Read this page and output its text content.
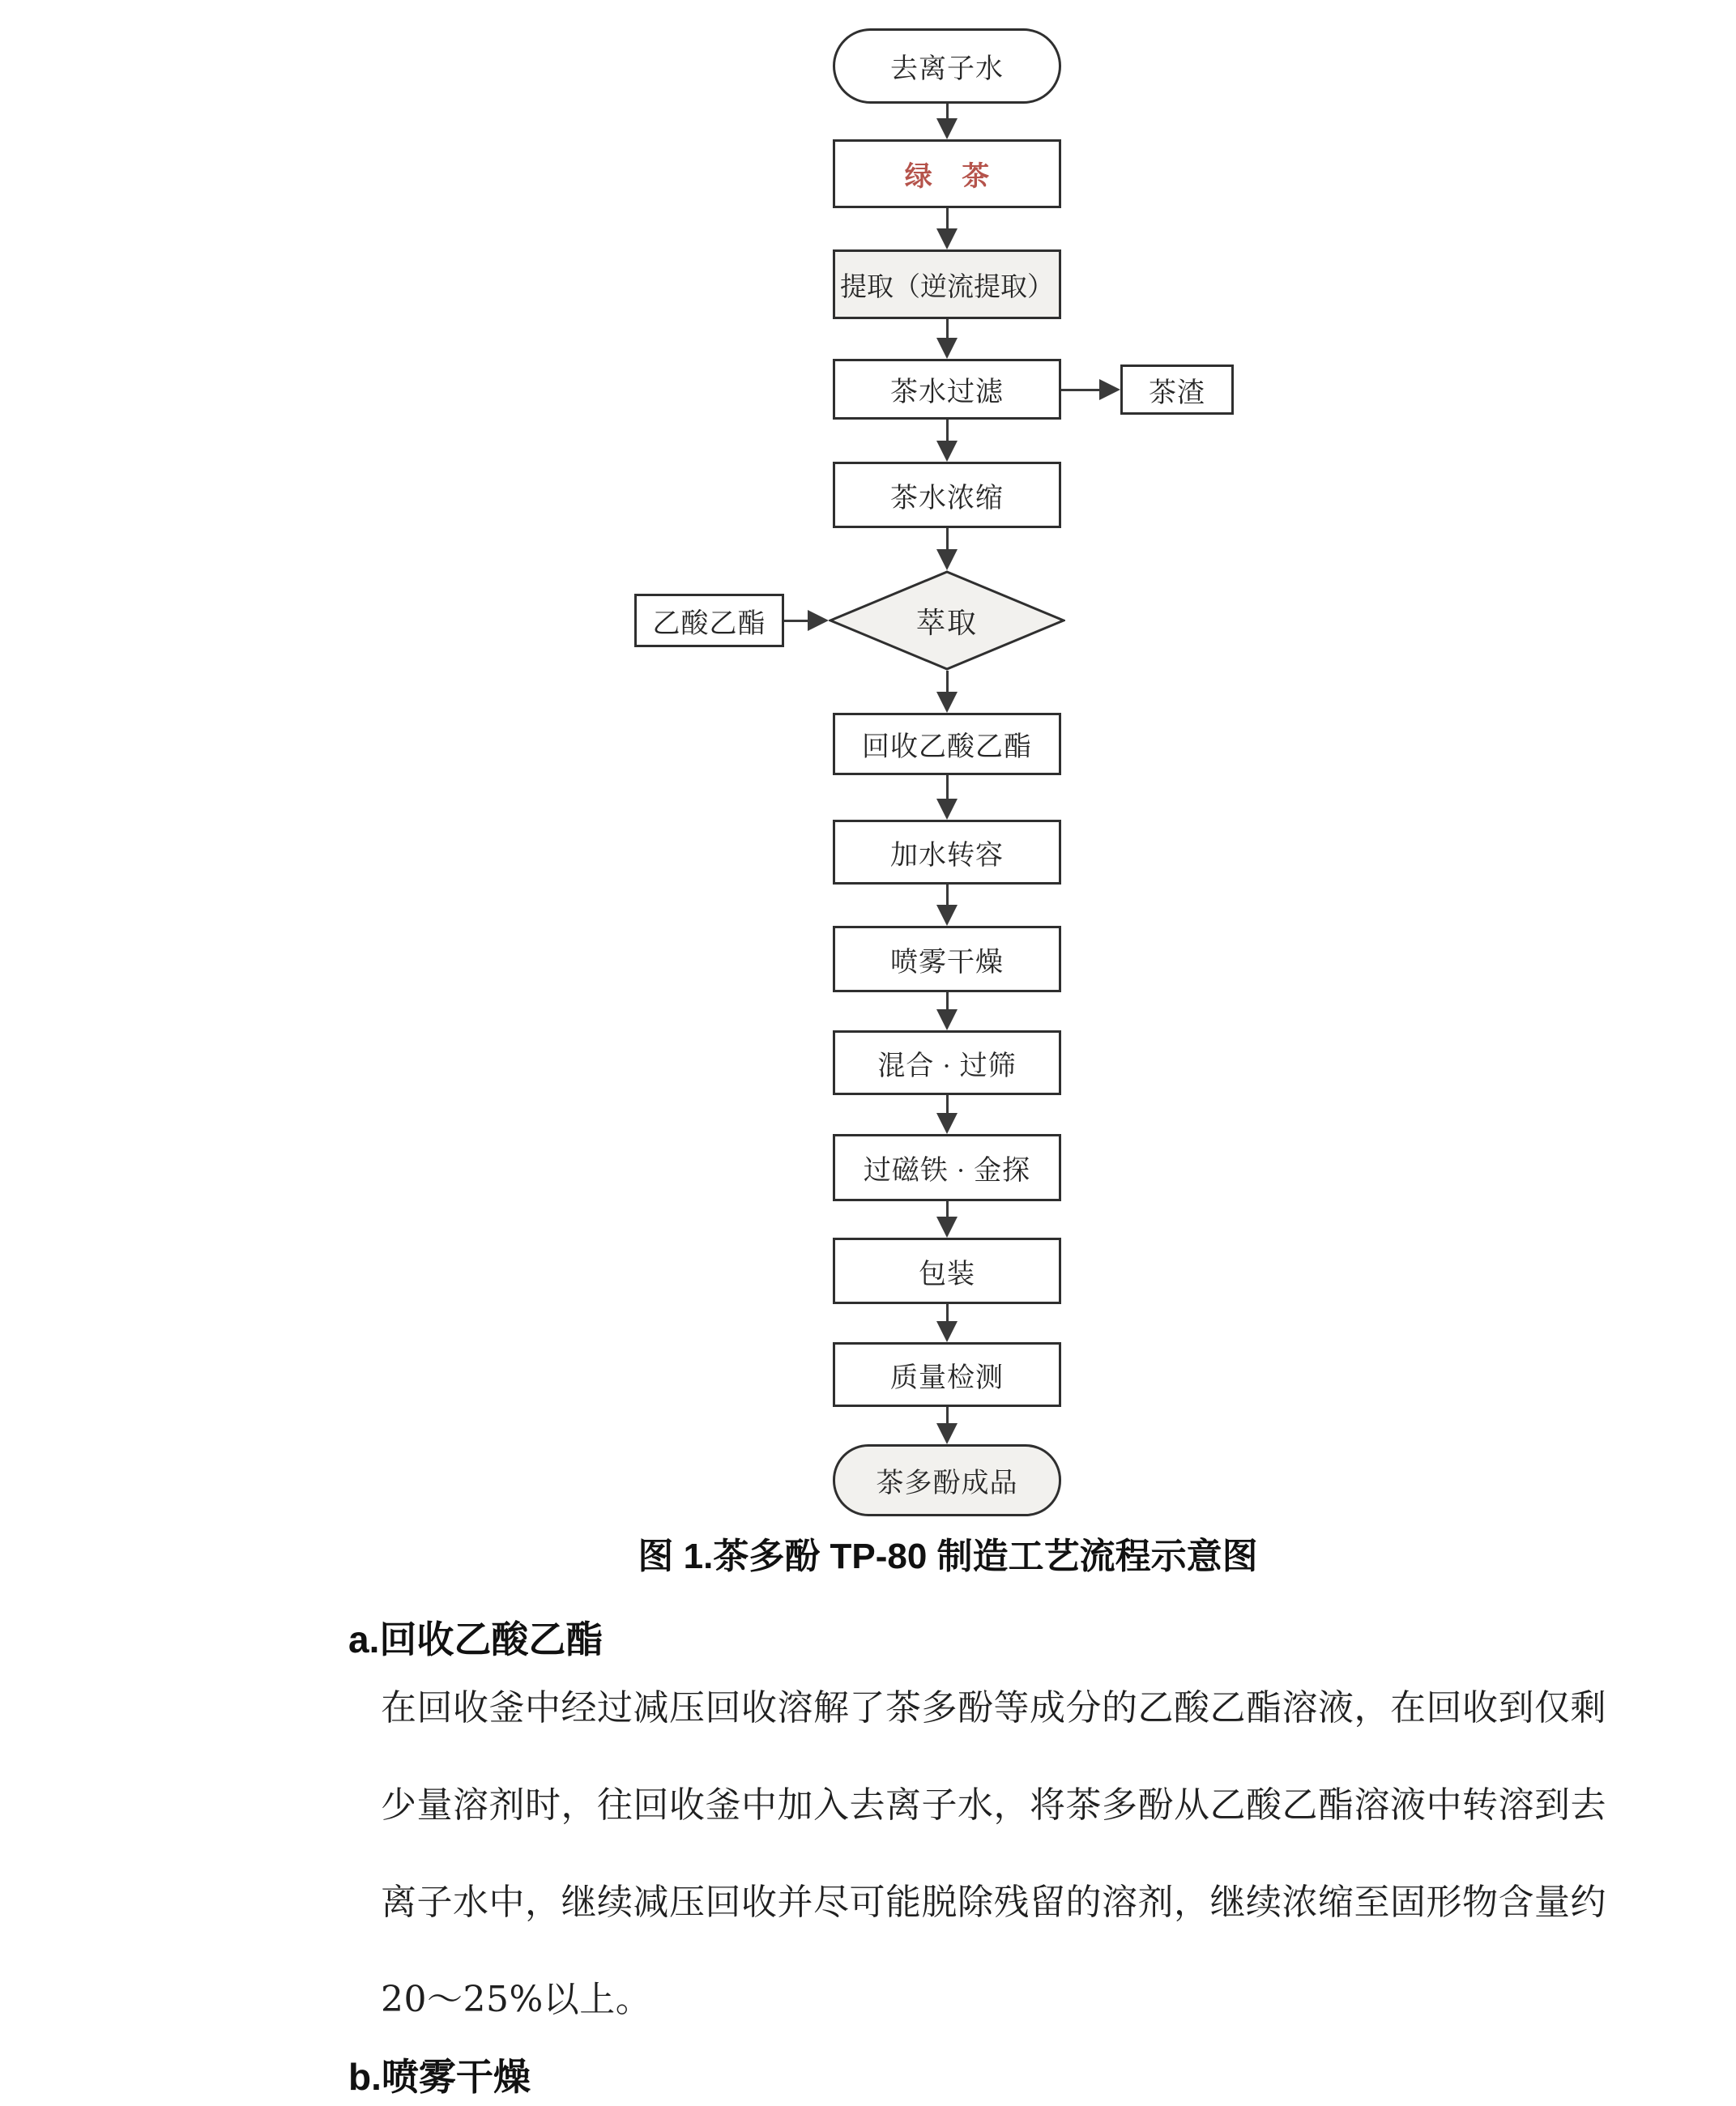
去离子水
绿 茶
提取（逆流提取）
茶水过滤	茶渣
茶水浓缩
萃取
乙酸乙酯
回收乙酸乙酯
加水转容
喷雾干燥
混合 · 过筛
过磁铁 · 金探
包装
质量检测
茶多酚成品
图 1.茶多酚 TP-80 制造工艺流程示意图
a.回收乙酸乙酯
在回收釜中经过减压回收溶解了茶多酚等成分的乙酸乙酯溶液，在回收到仅剩
少量溶剂时，往回收釜中加入去离子水，将茶多酚从乙酸乙酯溶液中转溶到去
离子水中，继续减压回收并尽可能脱除残留的溶剂，继续浓缩至固形物含量约
20～25%以上。
b.喷雾干燥
